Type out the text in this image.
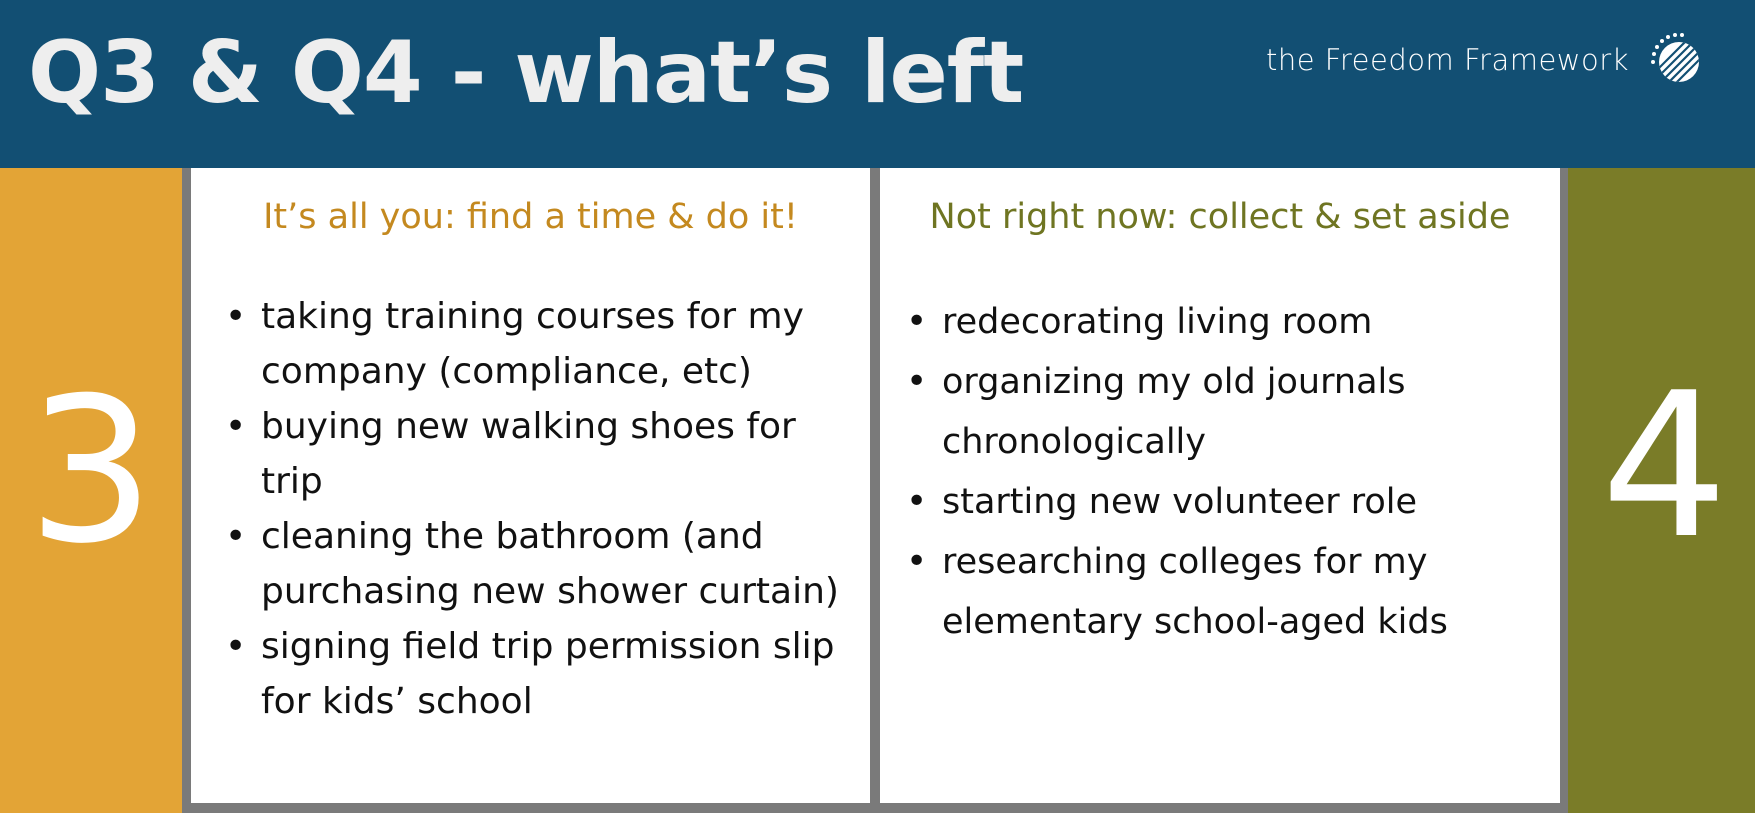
Q3 & Q4 - what’s left	the Freedom Framework
3
It’s all you: find a time & do it!
• taking training courses for my company (compliance, etc)
• buying new walking shoes for trip
• cleaning the bathroom (and purchasing new shower curtain)
• signing field trip permission slip for kids’ school
Not right now: collect & set aside
• redecorating living room
• organizing my old journals chronologically
• starting new volunteer role
• researching colleges for my elementary school-aged kids
4
